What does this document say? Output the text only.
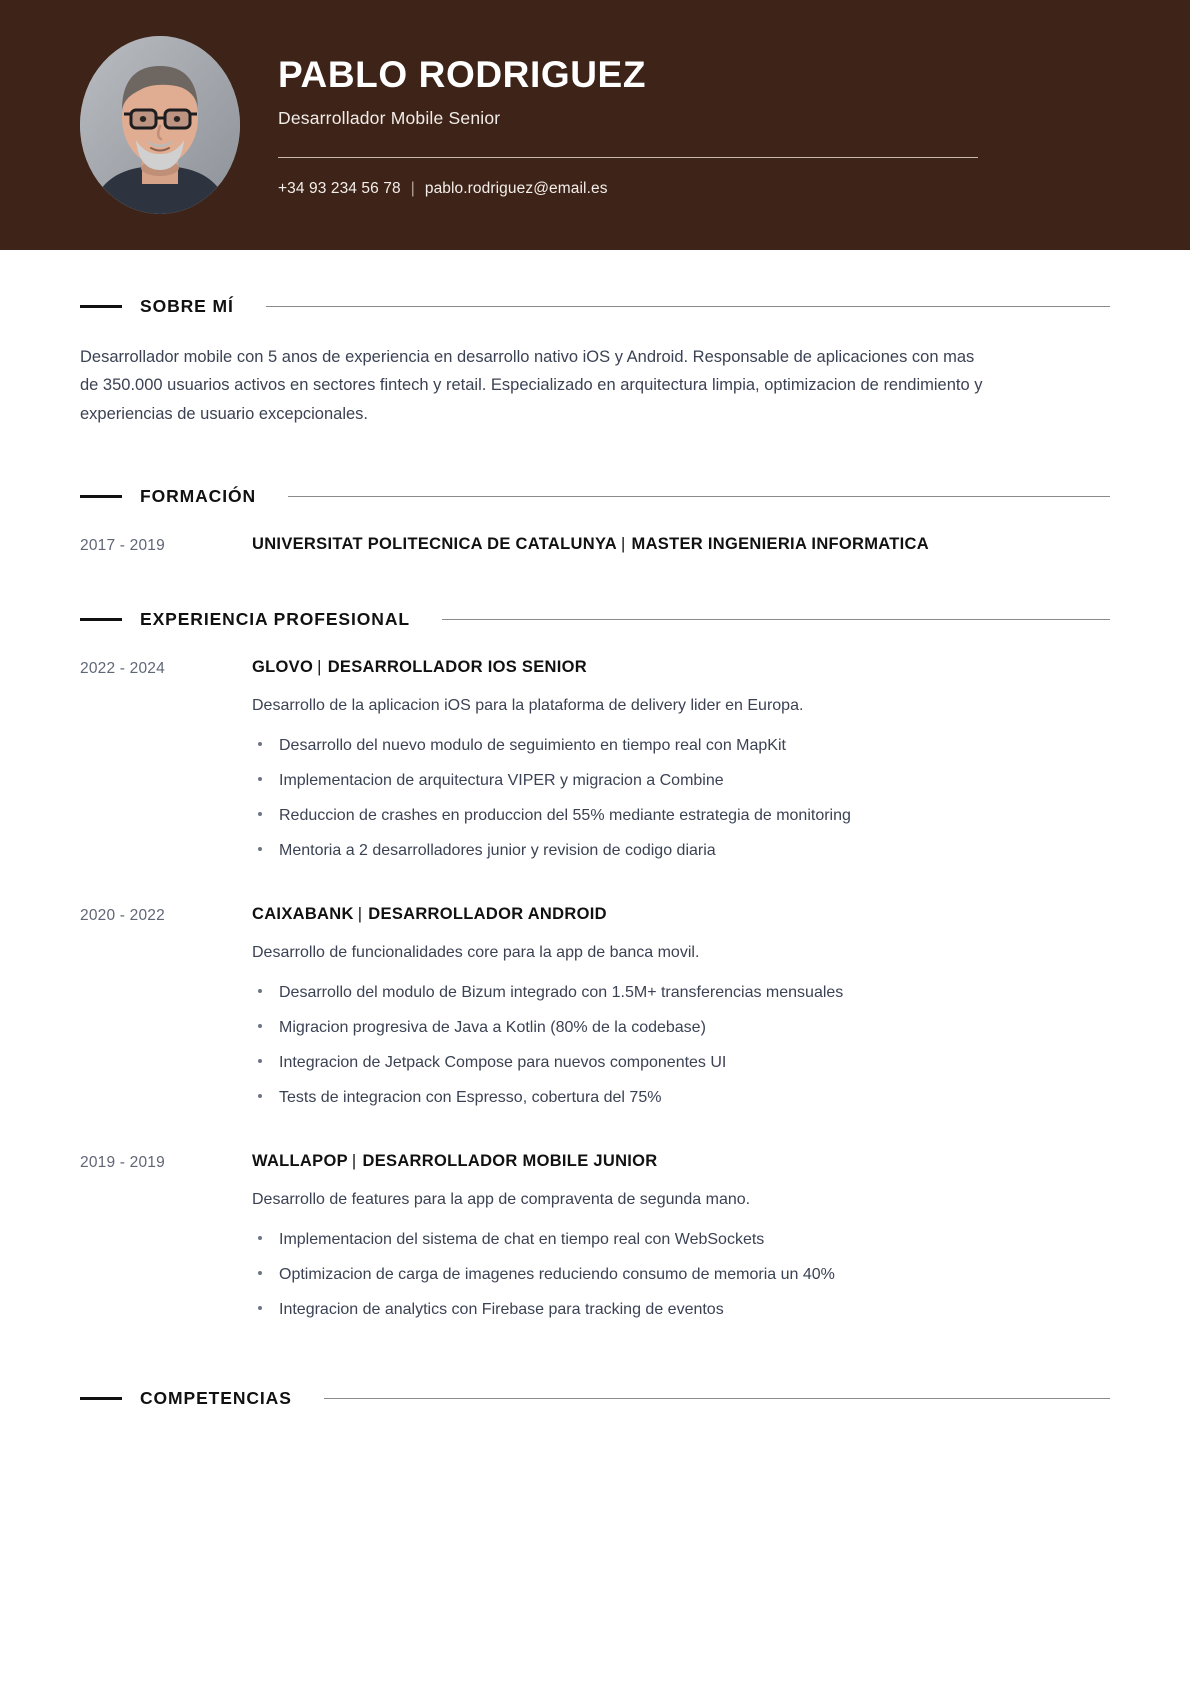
PABLO RODRIGUEZ

Desarrollador Mobile Senior

+34 93 234 56 78 | pablo.rodriguez@email.es
SOBRE MÍ

Desarrollador mobile con 5 anos de experiencia en desarrollo nativo iOS y Android. Responsable de aplicaciones con mas de 350.000 usuarios activos en sectores fintech y retail. Especializado en arquitectura limpia, optimizacion de rendimiento y experiencias de usuario excepcionales.

FORMACIÓN
2017 - 2019	UNIVERSITAT POLITECNICA DE CATALUNYA | MASTER INGENIERIA INFORMATICA

EXPERIENCIA PROFESIONAL
2022 - 2024	GLOVO | DESARROLLADOR IOS SENIOR

Desarrollo de la aplicacion iOS para la plataforma de delivery lider en Europa.

Desarrollo del nuevo modulo de seguimiento en tiempo real con MapKit
Implementacion de arquitectura VIPER y migracion a Combine
Reduccion de crashes en produccion del 55% mediante estrategia de monitoring
Mentoria a 2 desarrolladores junior y revision de codigo diaria
2020 - 2022	CAIXABANK | DESARROLLADOR ANDROID

Desarrollo de funcionalidades core para la app de banca movil.

Desarrollo del modulo de Bizum integrado con 1.5M+ transferencias mensuales
Migracion progresiva de Java a Kotlin (80% de la codebase)
Integracion de Jetpack Compose para nuevos componentes UI
Tests de integracion con Espresso, cobertura del 75%
2019 - 2019	WALLAPOP | DESARROLLADOR MOBILE JUNIOR

Desarrollo de features para la app de compraventa de segunda mano.

Implementacion del sistema de chat en tiempo real con WebSockets
Optimizacion de carga de imagenes reduciendo consumo de memoria un 40%
Integracion de analytics con Firebase para tracking de eventos
COMPETENCIAS
